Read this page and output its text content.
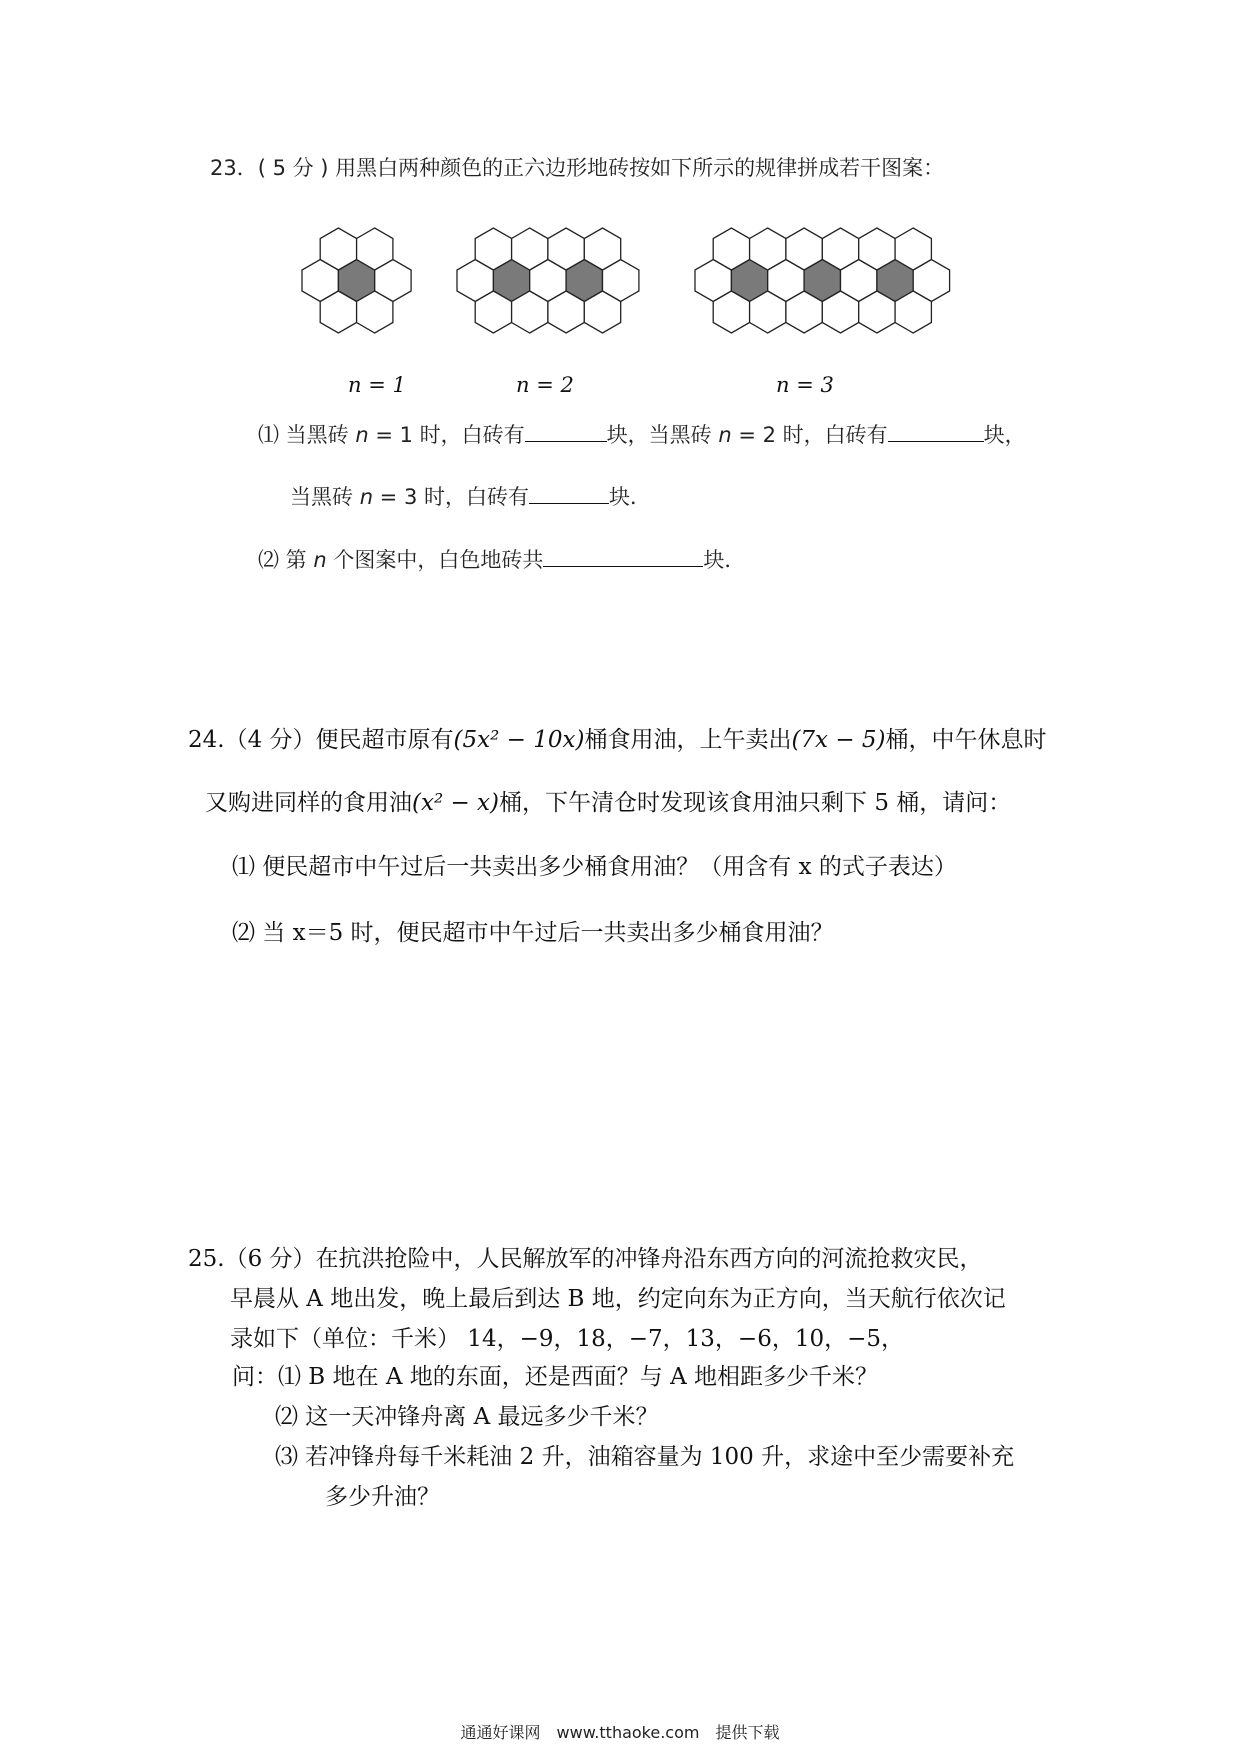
23．( 5 分 ) 用黑白两种颜色的正六边形地砖按如下所示的规律拼成若干图案：
n = 1	n = 2	n = 3
⑴ 当黑砖 n = 1 时，白砖有	块，当黑砖 n = 2 时，白砖有	块，
当黑砖 n = 3 时，白砖有	块．
⑵ 第 n 个图案中，白色地砖共	块．
24.（4 分）便民超市原有(5x² − 10x)桶食用油，上午卖出(7x − 5)桶，中午休息时
又购进同样的食用油(x² − x)桶，下午清仓时发现该食用油只剩下 5 桶，请问：
⑴ 便民超市中午过后一共卖出多少桶食用油？（用含有 x 的式子表达）
⑵ 当 x＝5 时，便民超市中午过后一共卖出多少桶食用油？
25.（6 分）在抗洪抢险中，人民解放军的冲锋舟沿东西方向的河流抢救灾民，
早晨从 A 地出发，晚上最后到达 B 地，约定向东为正方向，当天航行依次记
录如下（单位：千米） 14，−9，18，−7，13，−6，10，−5，
问：⑴ B 地在 A 地的东面，还是西面？与 A 地相距多少千米？
⑵ 这一天冲锋舟离 A 最远多少千米？
⑶ 若冲锋舟每千米耗油 2 升，油箱容量为 100 升，求途中至少需要补充
多少升油？
通通好课网　www.tthaoke.com　提供下载
